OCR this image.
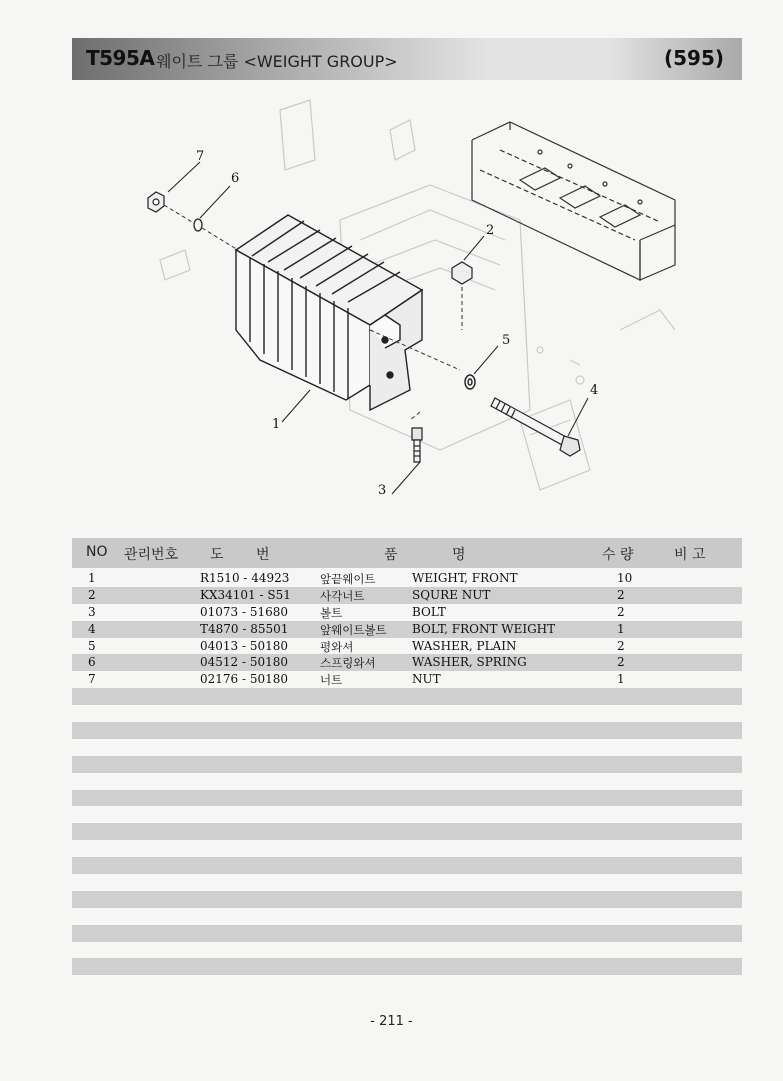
T595A 웨이트 그룹 <WEIGHT GROUP>	(595)
7
6
2
5
4
1
3
NO 관리번호 도 번	품	명	수 량	비 고
1	R1510 - 44923	앞끝웨이트	WEIGHT, FRONT	10
2	KX34101 - S51	사각너트	SQURE NUT	2
3	01073 - 51680	볼트	BOLT	2
4	T4870 - 85501	앞웨이트볼트 BOLT, FRONT WEIGHT	1
5	04013 - 50180	평와셔	WASHER, PLAIN	2
6	04512 - 50180	스프링와셔	WASHER, SPRING	2
7	02176 - 50180	너트	NUT	1
- 211 -
